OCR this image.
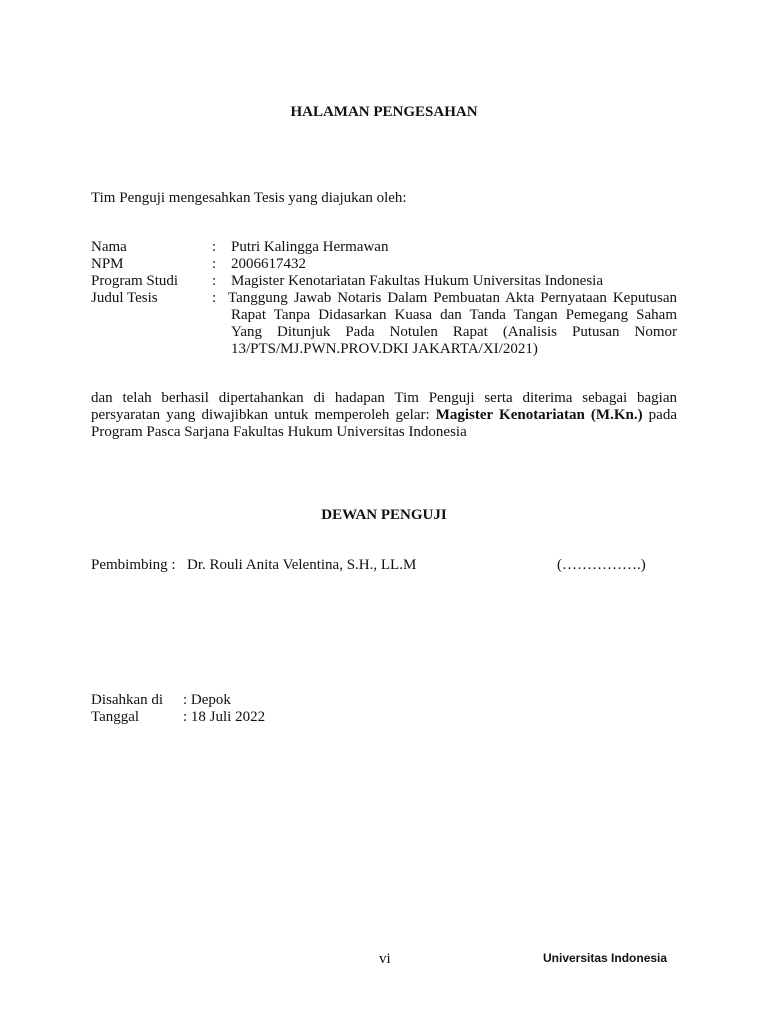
HALAMAN PENGESAHAN
Tim Penguji mengesahkan Tesis yang diajukan oleh:
Nama	: Putri Kalingga Hermawan
NPM	: 2006617432
Program Studi : Magister Kenotariatan Fakultas Hukum Universitas Indonesia
Judul Tesis	: Tanggung Jawab Notaris Dalam Pembuatan Akta Pernyataan Keputusan
Rapat Tanpa Didasarkan Kuasa dan Tanda Tangan Pemegang Saham
Yang Ditunjuk Pada Notulen Rapat (Analisis Putusan Nomor
13/PTS/MJ.PWN.PROV.DKI JAKARTA/XI/2021)
dan telah berhasil dipertahankan di hadapan Tim Penguji serta diterima sebagai bagian
persyaratan yang diwajibkan untuk memperoleh gelar: Magister Kenotariatan (M.Kn.) pada
Program Pasca Sarjana Fakultas Hukum Universitas Indonesia
DEWAN PENGUJI
Pembimbing : Dr. Rouli Anita Velentina, S.H., LL.M	(…………….)
Disahkan di : Depok
Tanggal	: 18 Juli 2022
vi	Universitas Indonesia
